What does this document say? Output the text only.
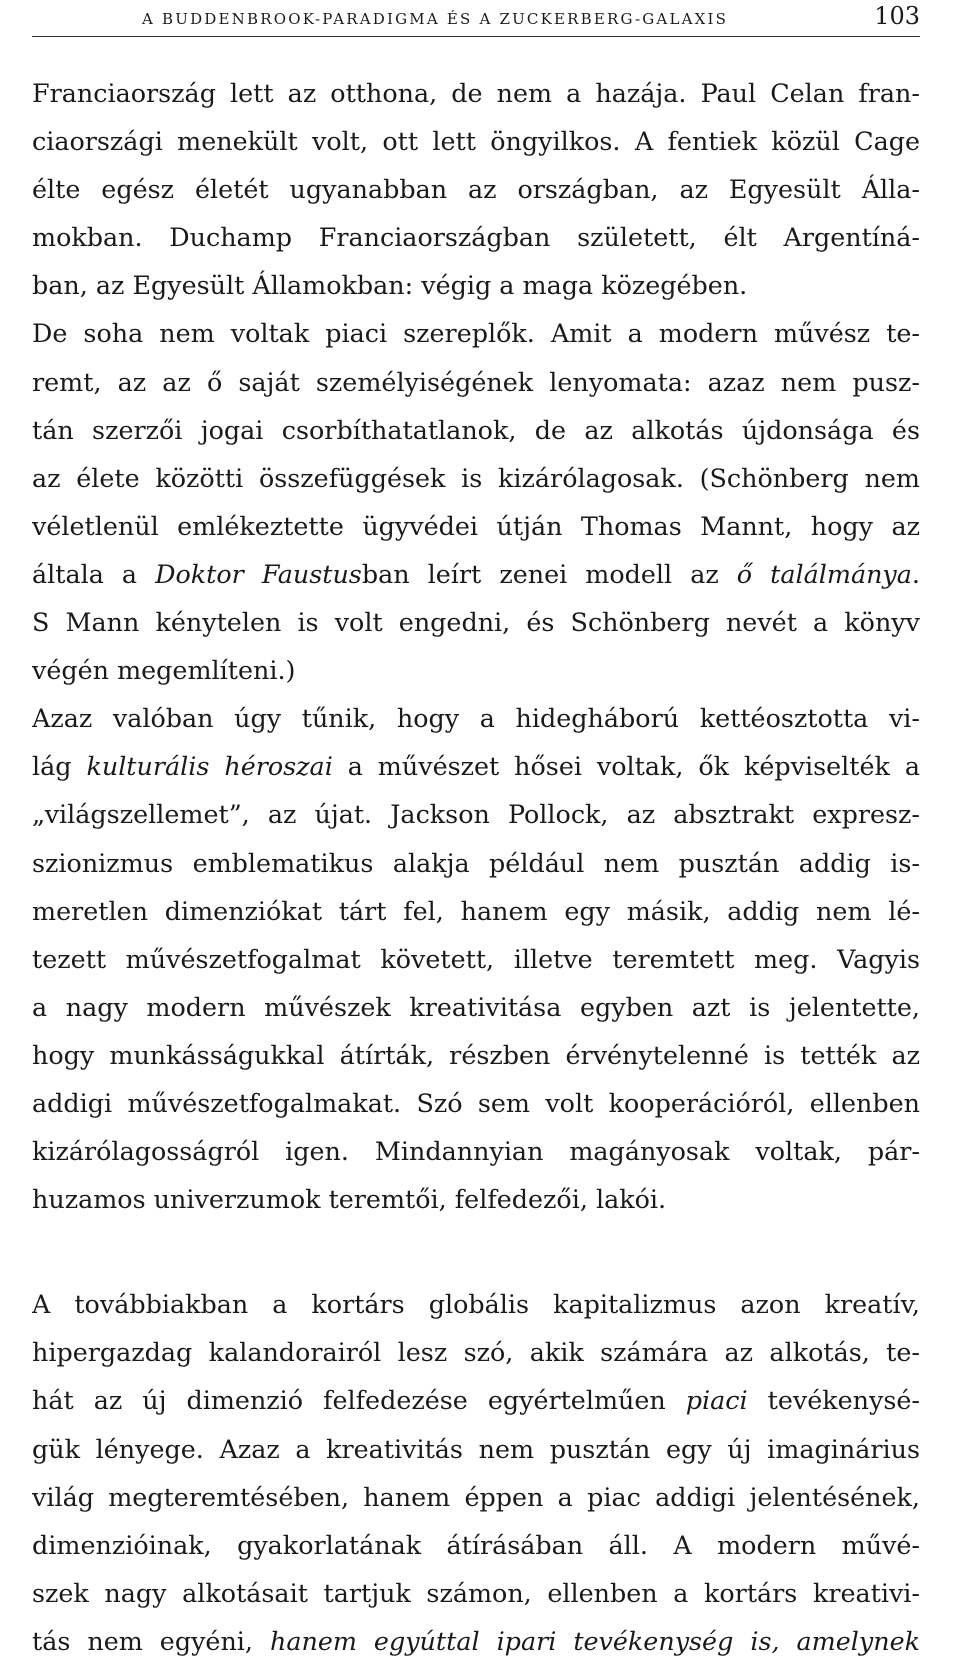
A BUDDENBROOK-PARADIGMA ÉS A ZUCKERBERG-GALAXIS	103
Franciaország lett az otthona, de nem a hazája. Paul Celan fran-
ciaországi menekült volt, ott lett öngyilkos. A fentiek közül Cage
élte egész életét ugyanabban az országban, az Egyesült Álla-
mokban. Duchamp Franciaországban született, élt Argentíná-
ban, az Egyesült Államokban: végig a maga közegében.
De soha nem voltak piaci szereplők. Amit a modern művész te-
remt, az az ő saját személyiségének lenyomata: azaz nem pusz-
tán szerzői jogai csorbíthatatlanok, de az alkotás újdonsága és
az élete közötti összefüggések is kizárólagosak. (Schönberg nem
véletlenül emlékeztette ügyvédei útján Thomas Mannt, hogy az
általa a Doktor Faustusban leírt zenei modell az ő találmánya.
S Mann kénytelen is volt engedni, és Schönberg nevét a könyv
végén megemlíteni.)
Azaz valóban úgy tűnik, hogy a hidegháború kettéosztotta vi-
lág kulturális héroszai a művészet hősei voltak, ők képviselték a
„világszellemet”, az újat. Jackson Pollock, az absztrakt expresz-
szionizmus emblematikus alakja például nem pusztán addig is-
meretlen dimenziókat tárt fel, hanem egy másik, addig nem lé-
tezett művészetfogalmat követett, illetve teremtett meg. Vagyis
a nagy modern művészek kreativitása egyben azt is jelentette,
hogy munkásságukkal átírták, részben érvénytelenné is tették az
addigi művészetfogalmakat. Szó sem volt kooperációról, ellenben
kizárólagosságról igen. Mindannyian magányosak voltak, pár-
huzamos univerzumok teremtői, felfedezői, lakói.
A továbbiakban a kortárs globális kapitalizmus azon kreatív,
hipergazdag kalandorairól lesz szó, akik számára az alkotás, te-
hát az új dimenzió felfedezése egyértelműen piaci tevékenysé-
gük lényege. Azaz a kreativitás nem pusztán egy új imaginárius
világ megteremtésében, hanem éppen a piac addigi jelentésének,
dimenzióinak, gyakorlatának átírásában áll. A modern művé-
szek nagy alkotásait tartjuk számon, ellenben a kortárs kreativi-
tás nem egyéni, hanem egyúttal ipari tevékenység is, amelynek
